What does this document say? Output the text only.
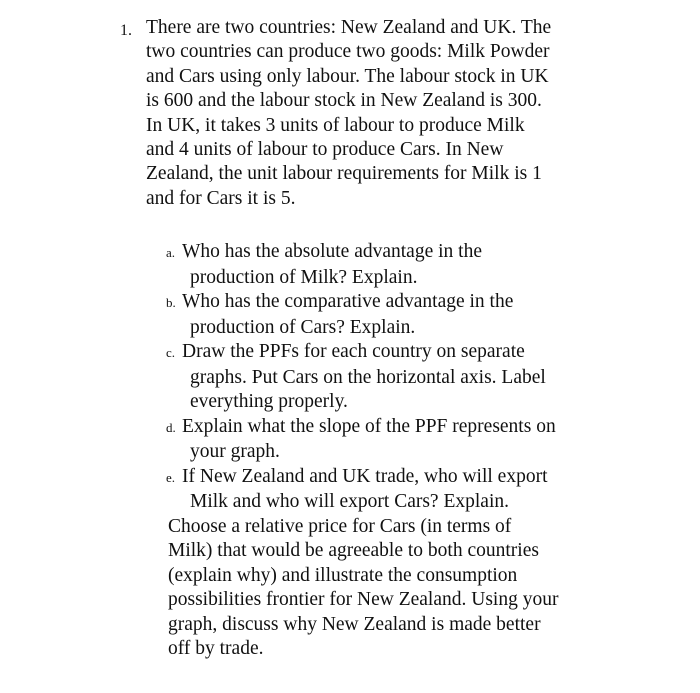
1. There are two countries: New Zealand and UK. The
two countries can produce two goods: Milk Powder
and Cars using only labour. The labour stock in UK
is 600 and the labour stock in New Zealand is 300.
In UK, it takes 3 units of labour to produce Milk
and 4 units of labour to produce Cars. In New
Zealand, the unit labour requirements for Milk is 1
and for Cars it is 5.
a. Who has the absolute advantage in the
production of Milk? Explain.
b. Who has the comparative advantage in the
production of Cars? Explain.
c. Draw the PPFs for each country on separate
graphs. Put Cars on the horizontal axis. Label
everything properly.
d. Explain what the slope of the PPF represents on
your graph.
e. If New Zealand and UK trade, who will export
Milk and who will export Cars? Explain.
Choose a relative price for Cars (in terms of
Milk) that would be agreeable to both countries
(explain why) and illustrate the consumption
possibilities frontier for New Zealand. Using your
graph, discuss why New Zealand is made better
off by trade.
